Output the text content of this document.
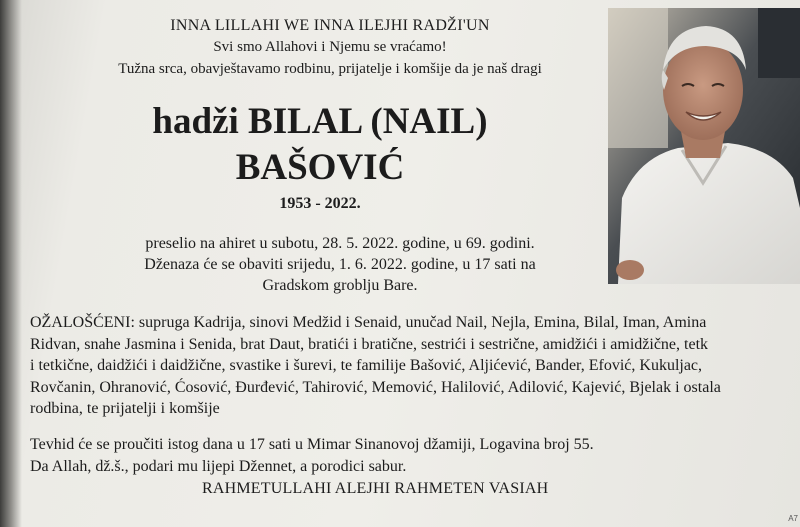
INNA LILLAHI WE INNA ILEJHI RADŽI'UN
Svi smo Allahovi i Njemu se vraćamo!
Tužna srca, obavještavamo rodbinu, prijatelje i komšije da je naš dragi
hadži BILAL (NAIL)
BAŠOVIĆ
1953 - 2022.
preselio na ahiret u subotu, 28. 5. 2022. godine, u 69. godini.
Dženaza će se obaviti srijedu, 1. 6. 2022. godine, u 17 sati na
Gradskom groblju Bare.
OŽALOŠĆENI: supruga Kadrija, sinovi Medžid i Senaid, unučad Nail, Nejla, Emina, Bilal, Iman, Amina
Ridvan, snahe Jasmina i Senida, brat Daut, bratići i bratične, sestrići i sestrične, amidžići i amidžične, tetk
i tetkične, daidžići i daidžične, svastike i šurevi, te familije Bašović, Aljićević, Bander, Efović, Kukuljac,
Rovčanin, Ohranović, Ćosović, Đurđević, Tahirović, Memović, Halilović, Adilović, Kajević, Bjelak i ostala
rodbina, te prijatelji i komšije
Tevhid će se proučiti istog dana u 17 sati u Mimar Sinanovoj džamiji, Logavina broj 55.
Da Allah, dž.š., podari mu lijepi Džennet, a porodici sabur.
RAHMETULLAHI ALEJHI RAHMETEN VASIAH
A7
